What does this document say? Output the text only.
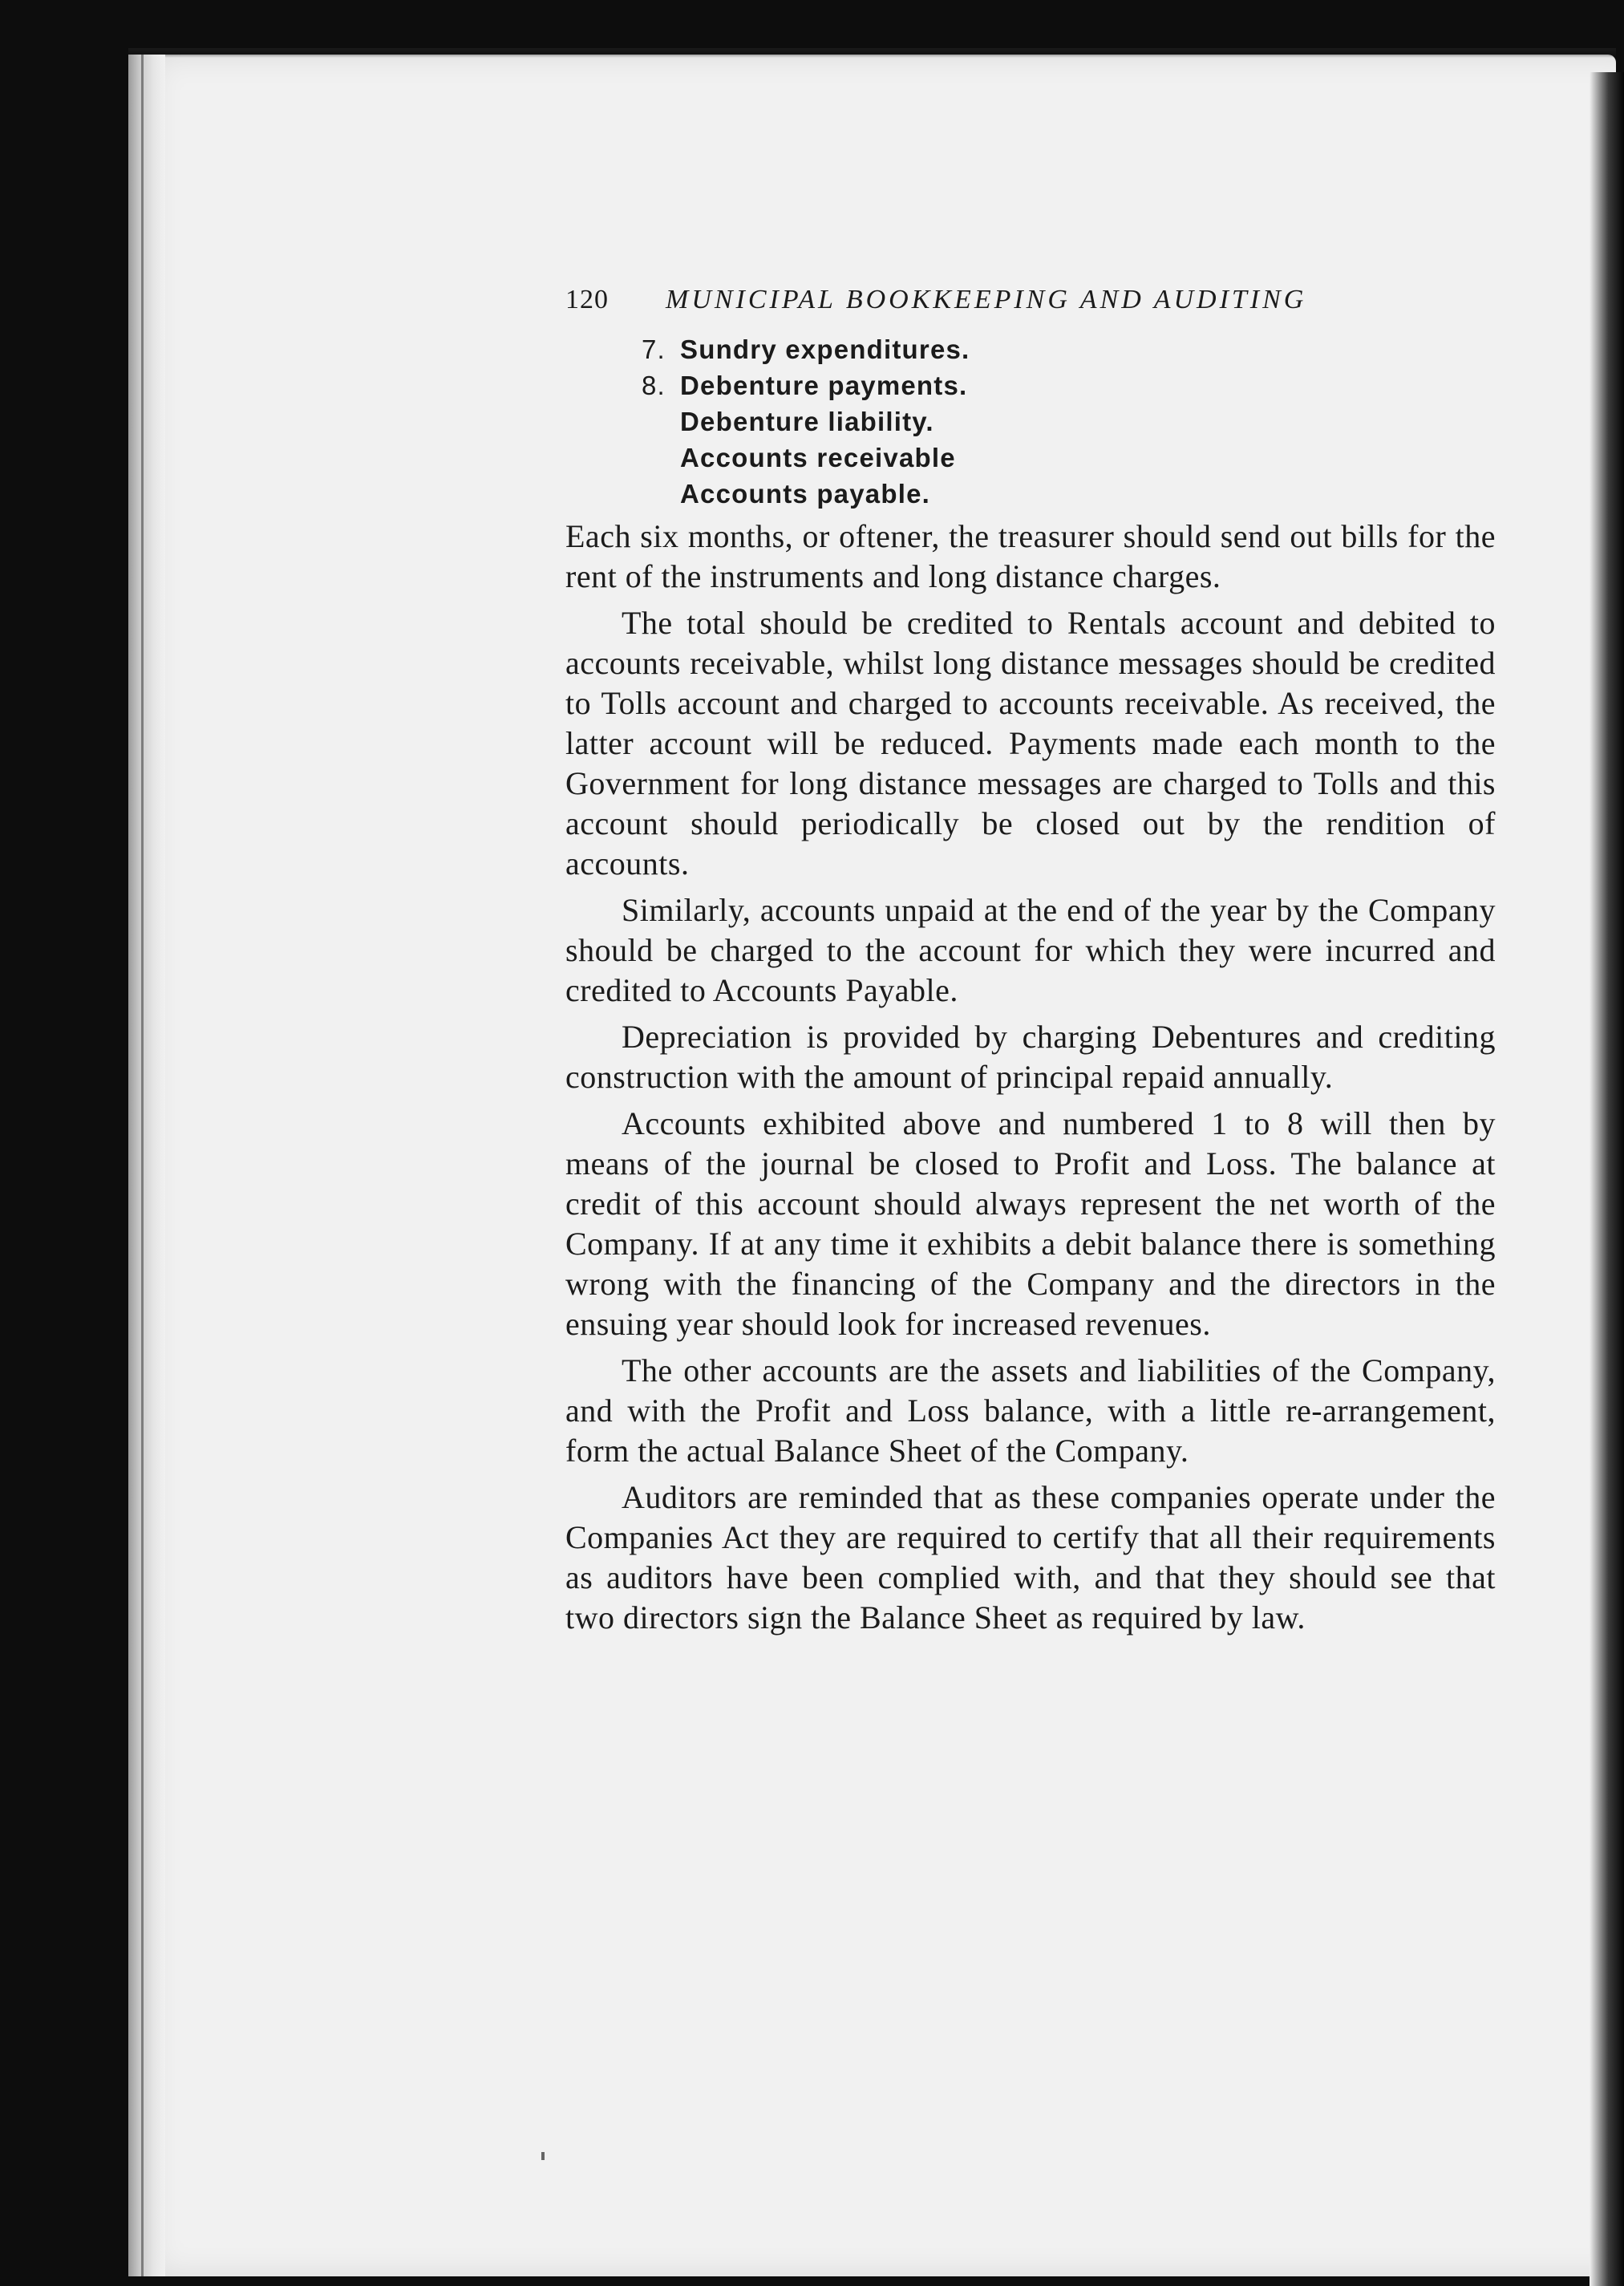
120	MUNICIPAL BOOKKEEPING AND AUDITING
7. Sundry expenditures.
8. Debenture payments.
Debenture liability.
Accounts receivable
Accounts payable.

Each six months, or oftener, the treasurer should send out bills for the rent of the instruments and long distance charges.

The total should be credited to Rentals account and debited to accounts receivable, whilst long distance messages should be credited to Tolls account and charged to accounts receivable. As received, the latter account will be reduced. Payments made each month to the Government for long distance messages are charged to Tolls and this account should periodically be closed out by the rendition of accounts.

Similarly, accounts unpaid at the end of the year by the Company should be charged to the account for which they were incurred and credited to Accounts Payable.

Depreciation is provided by charging Debentures and crediting construction with the amount of principal repaid annually.

Accounts exhibited above and numbered 1 to 8 will then by means of the journal be closed to Profit and Loss. The balance at credit of this account should always represent the net worth of the Company. If at any time it exhibits a debit balance there is something wrong with the financing of the Company and the directors in the ensuing year should look for increased revenues.

The other accounts are the assets and liabilities of the Company, and with the Profit and Loss balance, with a little re-arrangement, form the actual Balance Sheet of the Company.

Auditors are reminded that as these companies operate under the Companies Act they are required to certify that all their requirements as auditors have been complied with, and that they should see that two directors sign the Balance Sheet as required by law.
